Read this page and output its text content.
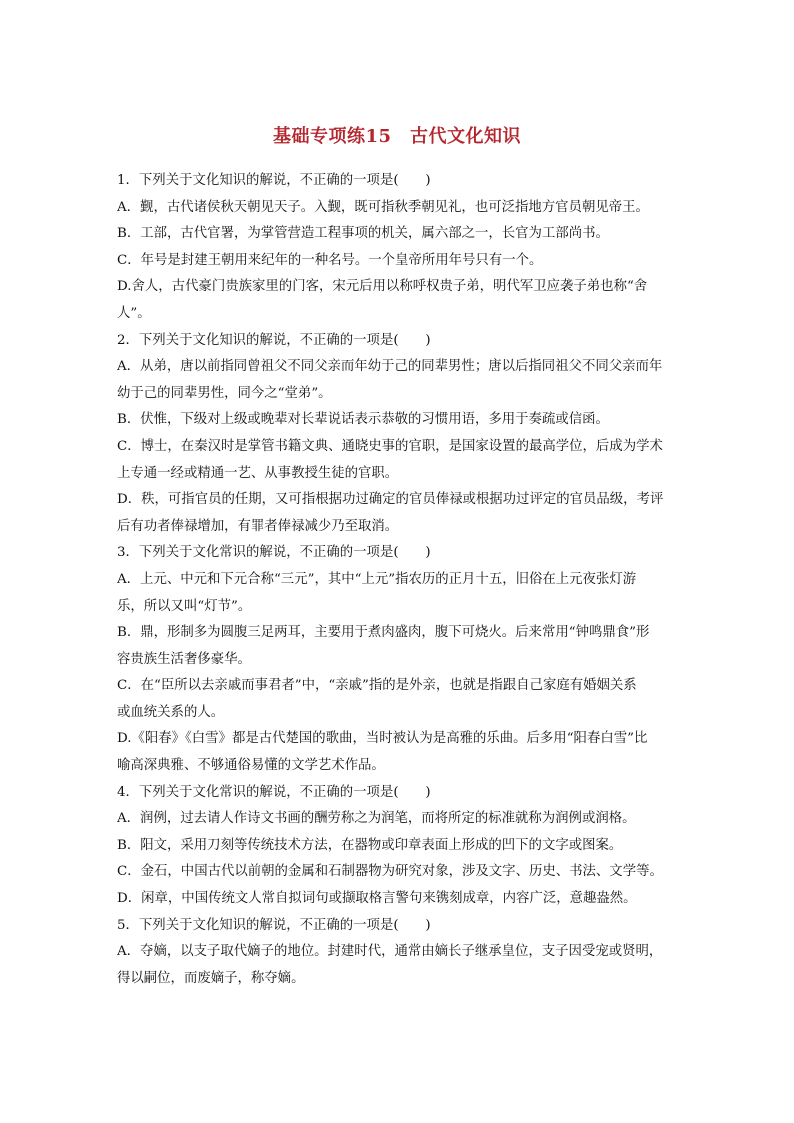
基础专项练15　古代文化知识
1．下列关于文化知识的解说，不正确的一项是(　　)
A．觐，古代诸侯秋天朝见天子。入觐，既可指秋季朝见礼，也可泛指地方官员朝见帝王。
B．工部，古代官署，为掌管营造工程事项的机关，属六部之一，长官为工部尚书。
C．年号是封建王朝用来纪年的一种名号。一个皇帝所用年号只有一个。
D.舍人，古代豪门贵族家里的门客，宋元后用以称呼权贵子弟，明代军卫应袭子弟也称“舍
人”。
2．下列关于文化知识的解说，不正确的一项是(　　)
A．从弟，唐以前指同曾祖父不同父亲而年幼于己的同辈男性；唐以后指同祖父不同父亲而年
幼于己的同辈男性，同今之“堂弟”。
B．伏惟，下级对上级或晚辈对长辈说话表示恭敬的习惯用语，多用于奏疏或信函。
C．博士，在秦汉时是掌管书籍文典、通晓史事的官职，是国家设置的最高学位，后成为学术
上专通一经或精通一艺、从事教授生徒的官职。
D．秩，可指官员的任期，又可指根据功过确定的官员俸禄或根据功过评定的官员品级，考评
后有功者俸禄增加，有罪者俸禄减少乃至取消。
3．下列关于文化常识的解说，不正确的一项是(　　)
A．上元、中元和下元合称“三元”，其中“上元”指农历的正月十五，旧俗在上元夜张灯游
乐，所以又叫“灯节”。
B．鼎，形制多为圆腹三足两耳，主要用于煮肉盛肉，腹下可烧火。后来常用“钟鸣鼎食”形
容贵族生活奢侈豪华。
C．在“臣所以去亲戚而事君者”中，“亲戚”指的是外亲，也就是指跟自己家庭有婚姻关系
或血统关系的人。
D.《阳春》《白雪》都是古代楚国的歌曲，当时被认为是高雅的乐曲。后多用“阳春白雪”比
喻高深典雅、不够通俗易懂的文学艺术作品。
4．下列关于文化常识的解说，不正确的一项是(　　)
A．润例，过去请人作诗文书画的酬劳称之为润笔，而将所定的标准就称为润例或润格。
B．阳文，采用刀刻等传统技术方法，在器物或印章表面上形成的凹下的文字或图案。
C．金石，中国古代以前朝的金属和石制器物为研究对象，涉及文字、历史、书法、文学等。
D．闲章，中国传统文人常自拟词句或撷取格言警句来镌刻成章，内容广泛，意趣盎然。
5．下列关于文化知识的解说，不正确的一项是(　　)
A．夺嫡，以支子取代嫡子的地位。封建时代，通常由嫡长子继承皇位，支子因受宠或贤明，
得以嗣位，而废嫡子，称夺嫡。
